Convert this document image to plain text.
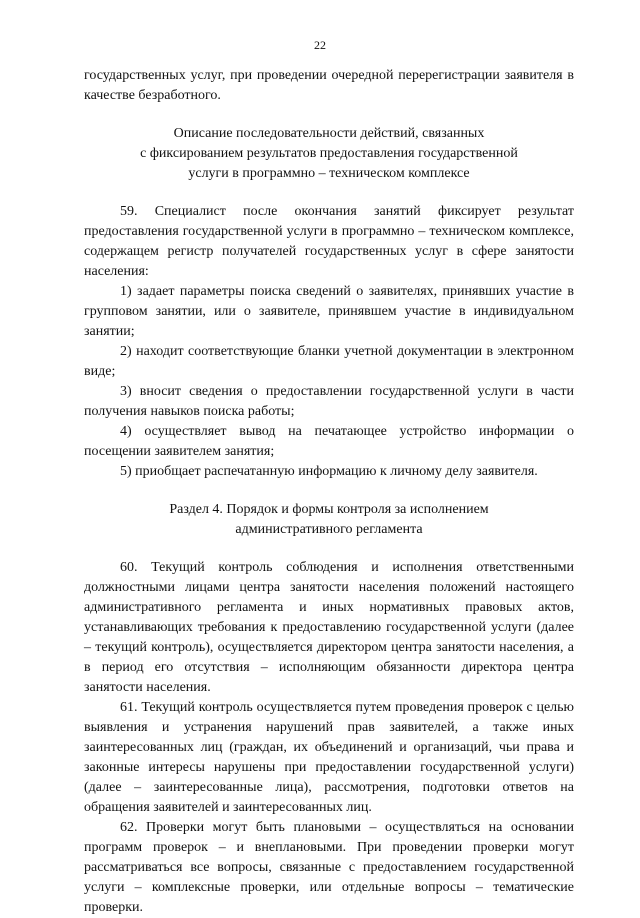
22

государственных услуг, при проведении очередной перерегистрации заявителя в качестве безработного.

Описание последовательности действий, связанных
с фиксированием результатов предоставления государственной
услуги в программно – техническом комплексе

59. Специалист после окончания занятий фиксирует результат предоставления государственной услуги в программно – техническом комплексе, содержащем регистр получателей государственных услуг в сфере занятости населения:

1) задает параметры поиска сведений о заявителях, принявших участие в групповом занятии, или о заявителе, принявшем участие в индивидуальном занятии;

2) находит соответствующие бланки учетной документации в электронном виде;

3) вносит сведения о предоставлении государственной услуги в части получения навыков поиска работы;

4) осуществляет вывод на печатающее устройство информации о посещении заявителем занятия;

5) приобщает распечатанную информацию к личному делу заявителя.

Раздел 4. Порядок и формы контроля за исполнением
административного регламента

60. Текущий контроль соблюдения и исполнения ответственными должностными лицами центра занятости населения положений настоящего административного регламента и иных нормативных правовых актов, устанавливающих требования к предоставлению государственной услуги (далее – текущий контроль), осуществляется директором центра занятости населения, а в период его отсутствия – исполняющим обязанности директора центра занятости населения.

61. Текущий контроль осуществляется путем проведения проверок с целью выявления и устранения нарушений прав заявителей, а также иных заинтересованных лиц (граждан, их объединений и организаций, чьи права и законные интересы нарушены при предоставлении государственной услуги) (далее – заинтересованные лица), рассмотрения, подготовки ответов на обращения заявителей и заинтересованных лиц.

62. Проверки могут быть плановыми – осуществляться на основании программ проверок – и внеплановыми. При проведении проверки могут рассматриваться все вопросы, связанные с предоставлением государственной услуги – комплексные проверки, или отдельные вопросы – тематические проверки.
